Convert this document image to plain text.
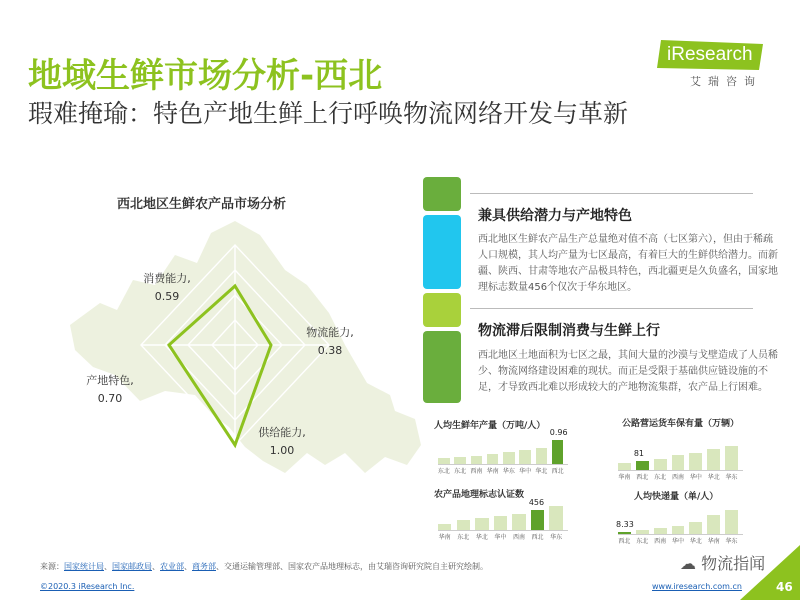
地域生鲜市场分析-西北
瑕难掩瑜：特色产地生鲜上行呼唤物流网络开发与革新
iResearch
艾瑞咨询
西北地区生鲜农产品市场分析
消费能力,
0.59
物流能力,
0.38
供给能力,
1.00
产地特色,
0.70
兼具供给潜力与产地特色
西北地区生鲜农产品生产总量绝对值不高（七区第六），但由于稀疏人口规模，其人均产量为七区最高，有着巨大的生鲜供给潜力。而新疆、陕西、甘肃等地农产品极具特色，西北疆更是久负盛名，国家地理标志数量456个仅次于华东地区。
物流滞后限制消费与生鲜上行
西北地区土地面积为七区之最，其间大量的沙漠与戈壁造成了人员稀少、物流网络建设困难的现状。而正是受限于基础供应链设施的不足，才导致西北难以形成较大的产地物流集群，农产品上行困难。
人均生鲜年产量（万吨/人）	公路营运货车保有量（万辆）
农产品地理标志认证数	人均快递量（单/人）
东北 东北 西南 华南 华东 华中 华北 西北
0.96
华南 西北
81
东北 西南 华中 华北 华东
华南 东北 华北 华中 西南 西北
456
华东
西北
8.33
东北 西南 华中 华北 华南 华东
来源：国家统计局、国家邮政局、农业部、商务部、交通运输管理部、国家农产品地理标志，由艾瑞咨询研究院自主研究绘制。
©2020.3 iResearch Inc.	www.iresearch.com.cn
☁ 物流指闻
46
